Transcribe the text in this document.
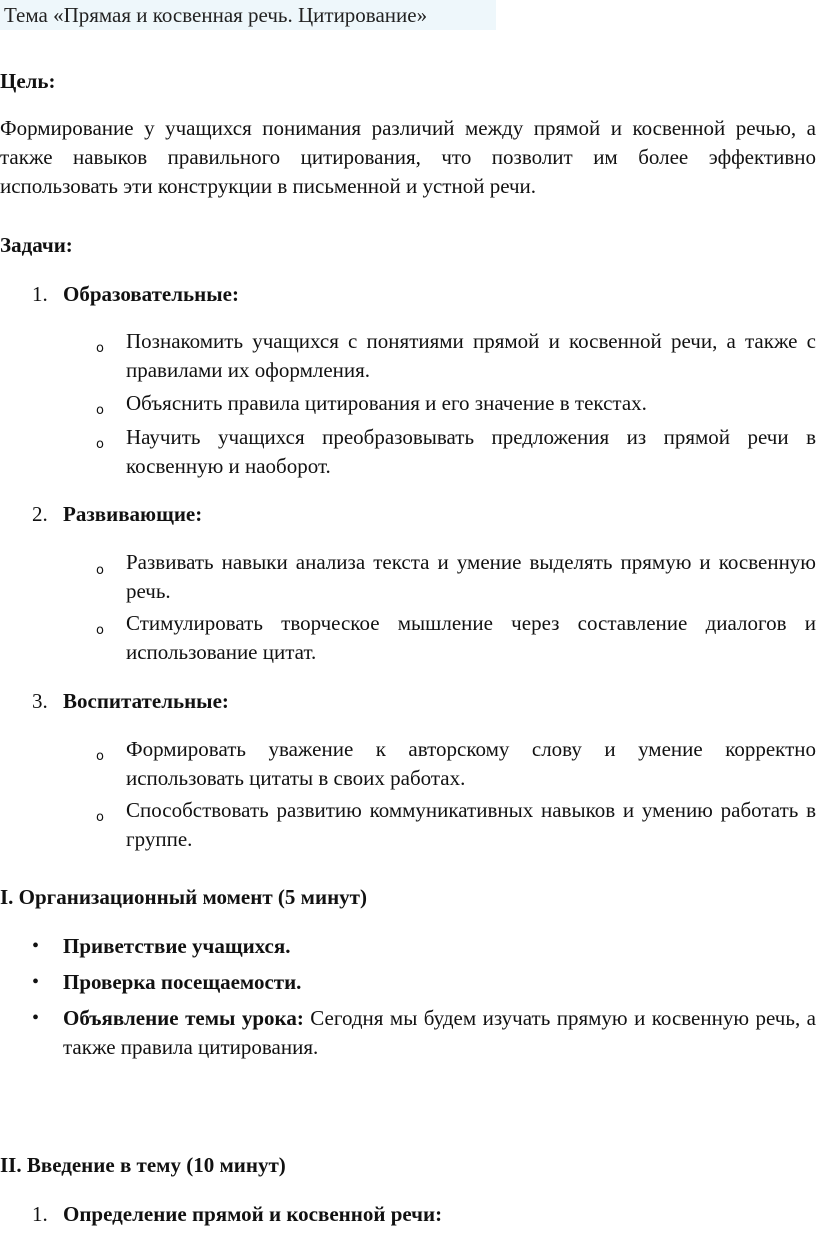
Тема «Прямая и косвенная речь. Цитирование»
Цель:
Формирование у учащихся понимания различий между прямой и косвенной речью, а также навыков правильного цитирования, что позволит им более эффективно использовать эти конструкции в письменной и устной речи.
Задачи:
1. Образовательные:
o Познакомить учащихся с понятиями прямой и косвенной речи, а также с правилами их оформления.
o Объяснить правила цитирования и его значение в текстах.
o Научить учащихся преобразовывать предложения из прямой речи в косвенную и наоборот.
2. Развивающие:
o Развивать навыки анализа текста и умение выделять прямую и косвенную речь.
o Стимулировать творческое мышление через составление диалогов и использование цитат.
3. Воспитательные:
o Формировать уважение к авторскому слову и умение корректно использовать цитаты в своих работах.
o Способствовать развитию коммуникативных навыков и умению работать в группе.
I. Организационный момент (5 минут)
• Приветствие учащихся.
• Проверка посещаемости.
• Объявление темы урока: Сегодня мы будем изучать прямую и косвенную речь, а также правила цитирования.
II. Введение в тему (10 минут)
1. Определение прямой и косвенной речи:
